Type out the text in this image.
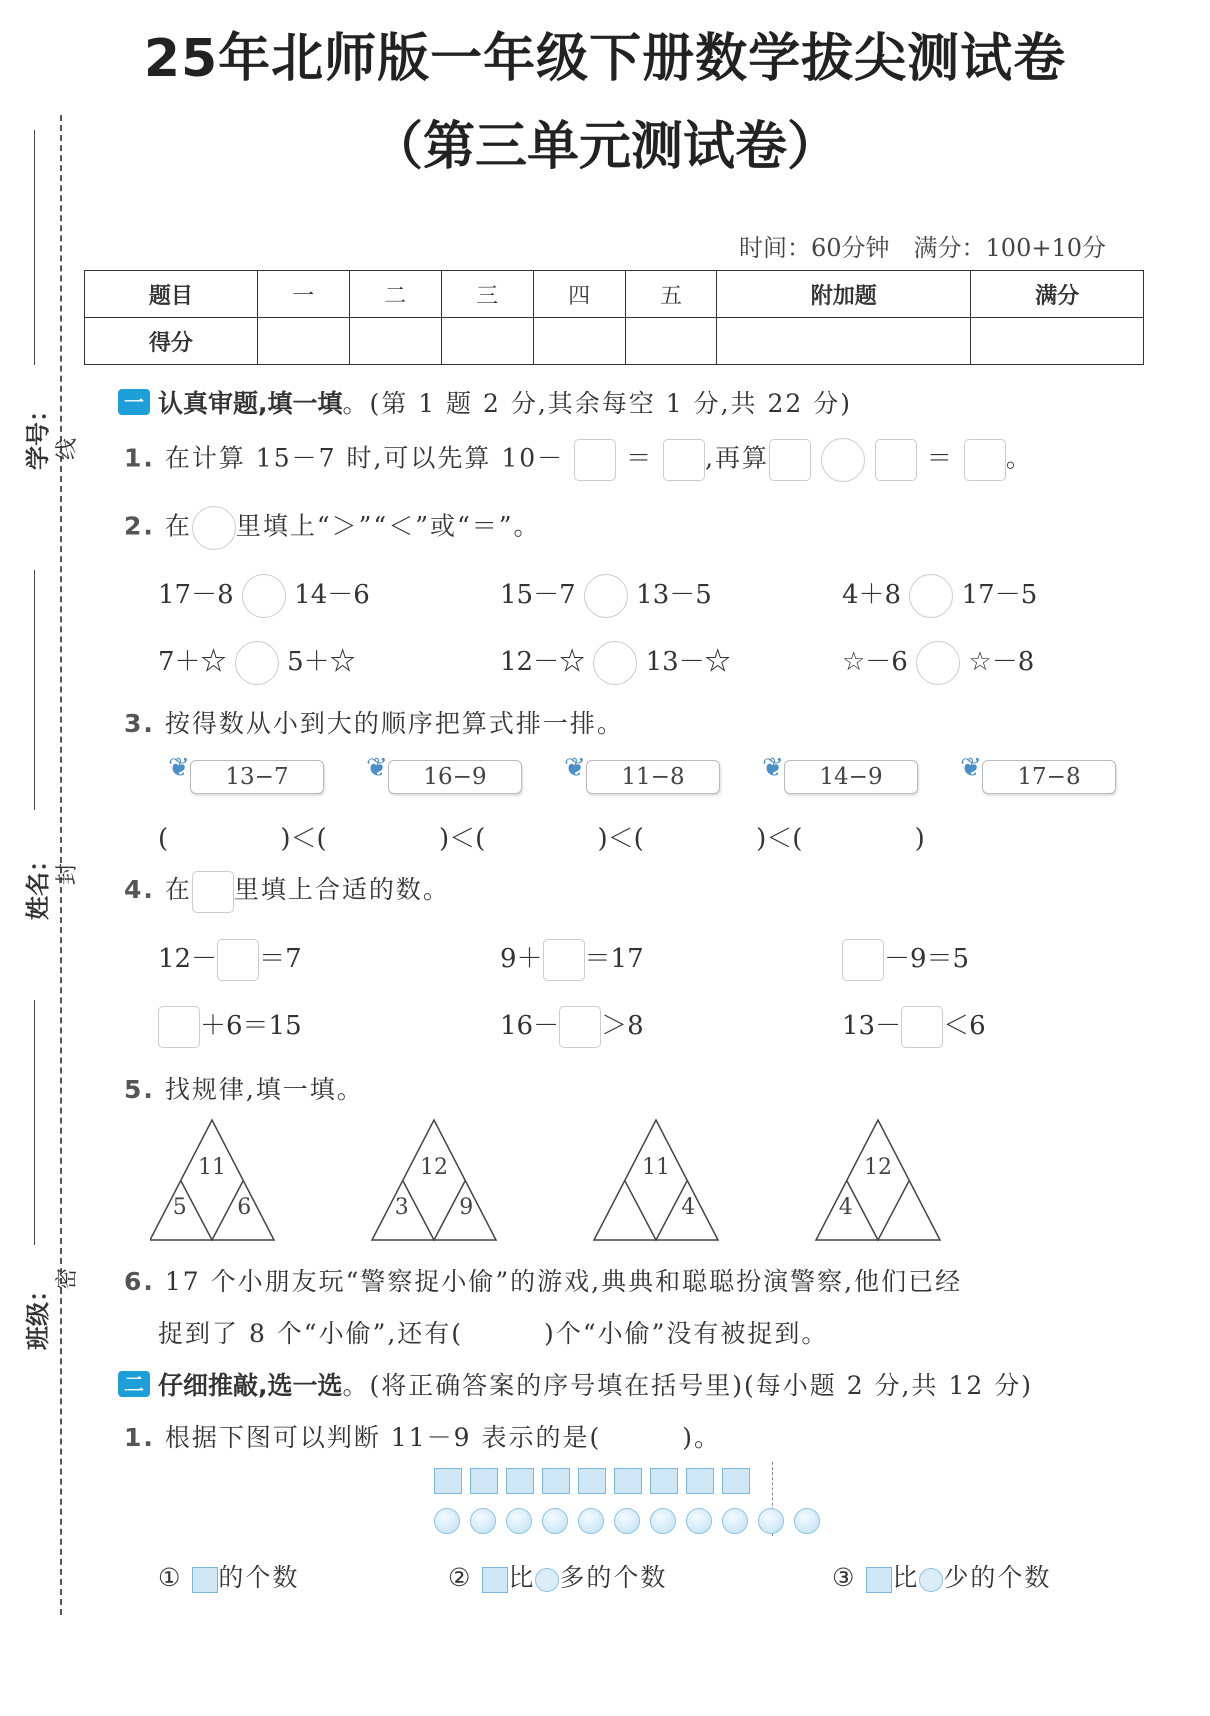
25年北师版一年级下册数学拔尖测试卷
（第三单元测试卷）
时间：60分钟　满分：100+10分
题目	一	二	三	四	五	附加题	满分
得分							
学号：
姓名：
班级：
线
封
密
一 认真审题,填一填。(第 1 题 2 分,其余每空 1 分,共 22 分)
1. 在计算 15－7 时,可以先算 10－ ＝ ,再算	＝ 。
2. 在 里填上“＞”“＜”或“＝”。
17－8 14－6	15－7 13－5	4＋8 17－5
7＋☆ 5＋☆	12－☆ 13－☆	☆－6 ☆－8
3. 按得数从小到大的顺序把算式排一排。
❦	13−7	❦	16−9	❦	11−8	❦	14−9	❦	17−8
(　　　　 )＜(　　　　 )＜(　　　　 )＜(　　　　 )＜(　　　　 )
4. 在 里填上合适的数。
12－ ＝7	9＋ ＝17	－9＝5
＋6＝15	16－ ＞8	13－ ＜6
5. 找规律,填一填。
11
5 6
12
3 9
11
4
12
4
6. 17 个小朋友玩“警察捉小偷”的游戏,典典和聪聪扮演警察,他们已经
捉到了 8 个“小偷”,还有(　　　)个“小偷”没有被捉到。
二 仔细推敲,选一选。(将正确答案的序号填在括号里)(每小题 2 分,共 12 分)
1. 根据下图可以判断 11－9 表示的是(　　　)。
① 的个数	② 比 多的个数	③ 比 少的个数
